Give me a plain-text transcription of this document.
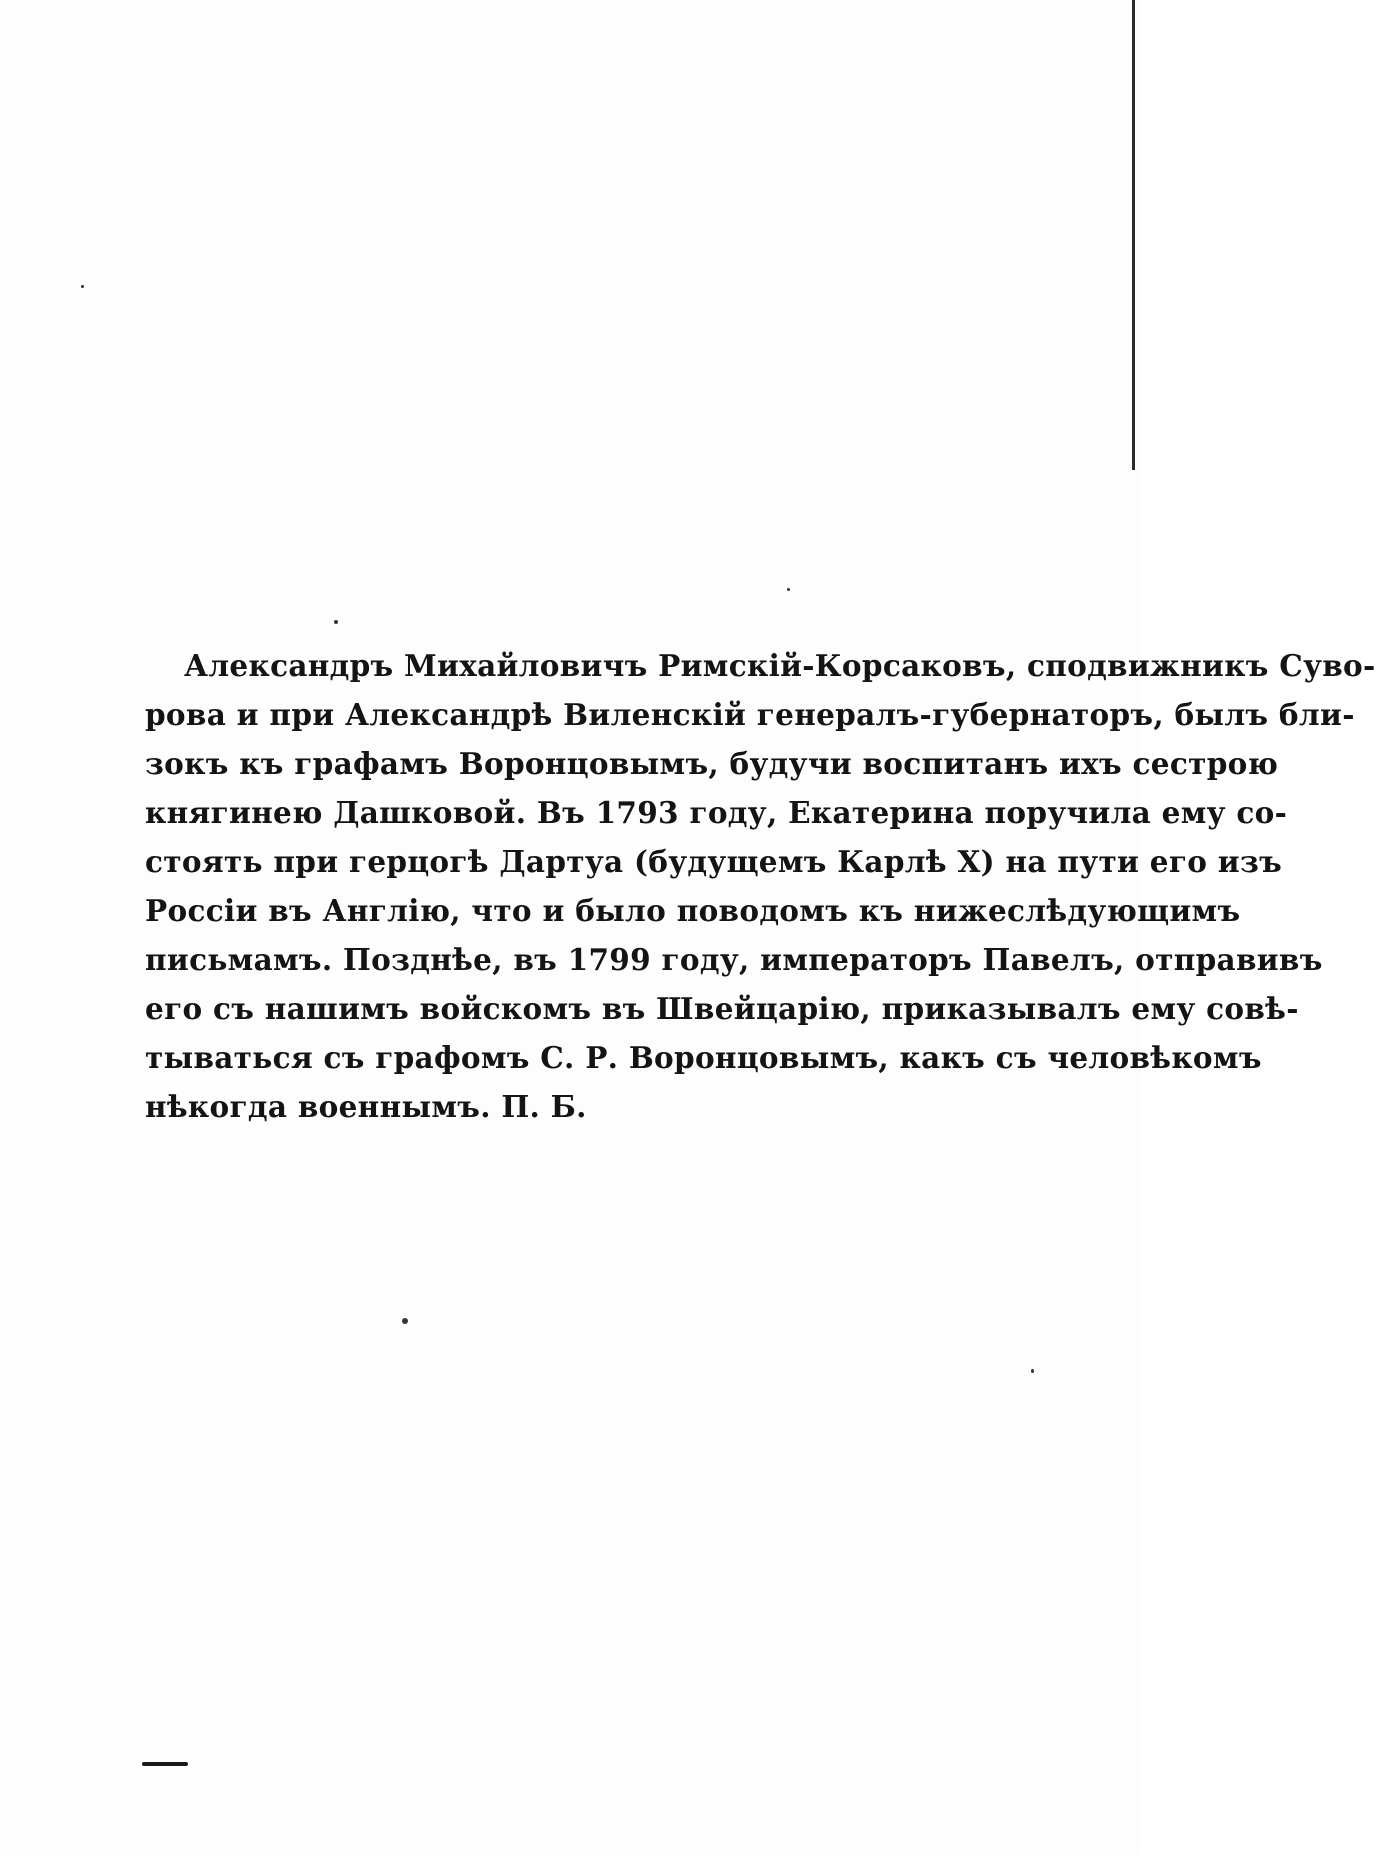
Александръ Михайловичъ Римскій-Корсаковъ, сподвижникъ Суво-
рова и при Александрѣ Виленскій генералъ-губернаторъ, былъ бли-
зокъ къ графамъ Воронцовымъ, будучи воспитанъ ихъ сестрою
княгинею Дашковой. Въ 1793 году, Екатерина поручила ему со-
стоять при герцогѣ Дартуа (будущемъ Карлѣ X) на пути его изъ
Россіи въ Англію, что и было поводомъ къ нижеслѣдующимъ
письмамъ. Позднѣе, въ 1799 году, императоръ Павелъ, отправивъ
его съ нашимъ войскомъ въ Швейцарію, приказывалъ ему совѣ-
тываться съ графомъ С. Р. Воронцовымъ, какъ съ человѣкомъ
нѣкогда военнымъ. П. Б.
